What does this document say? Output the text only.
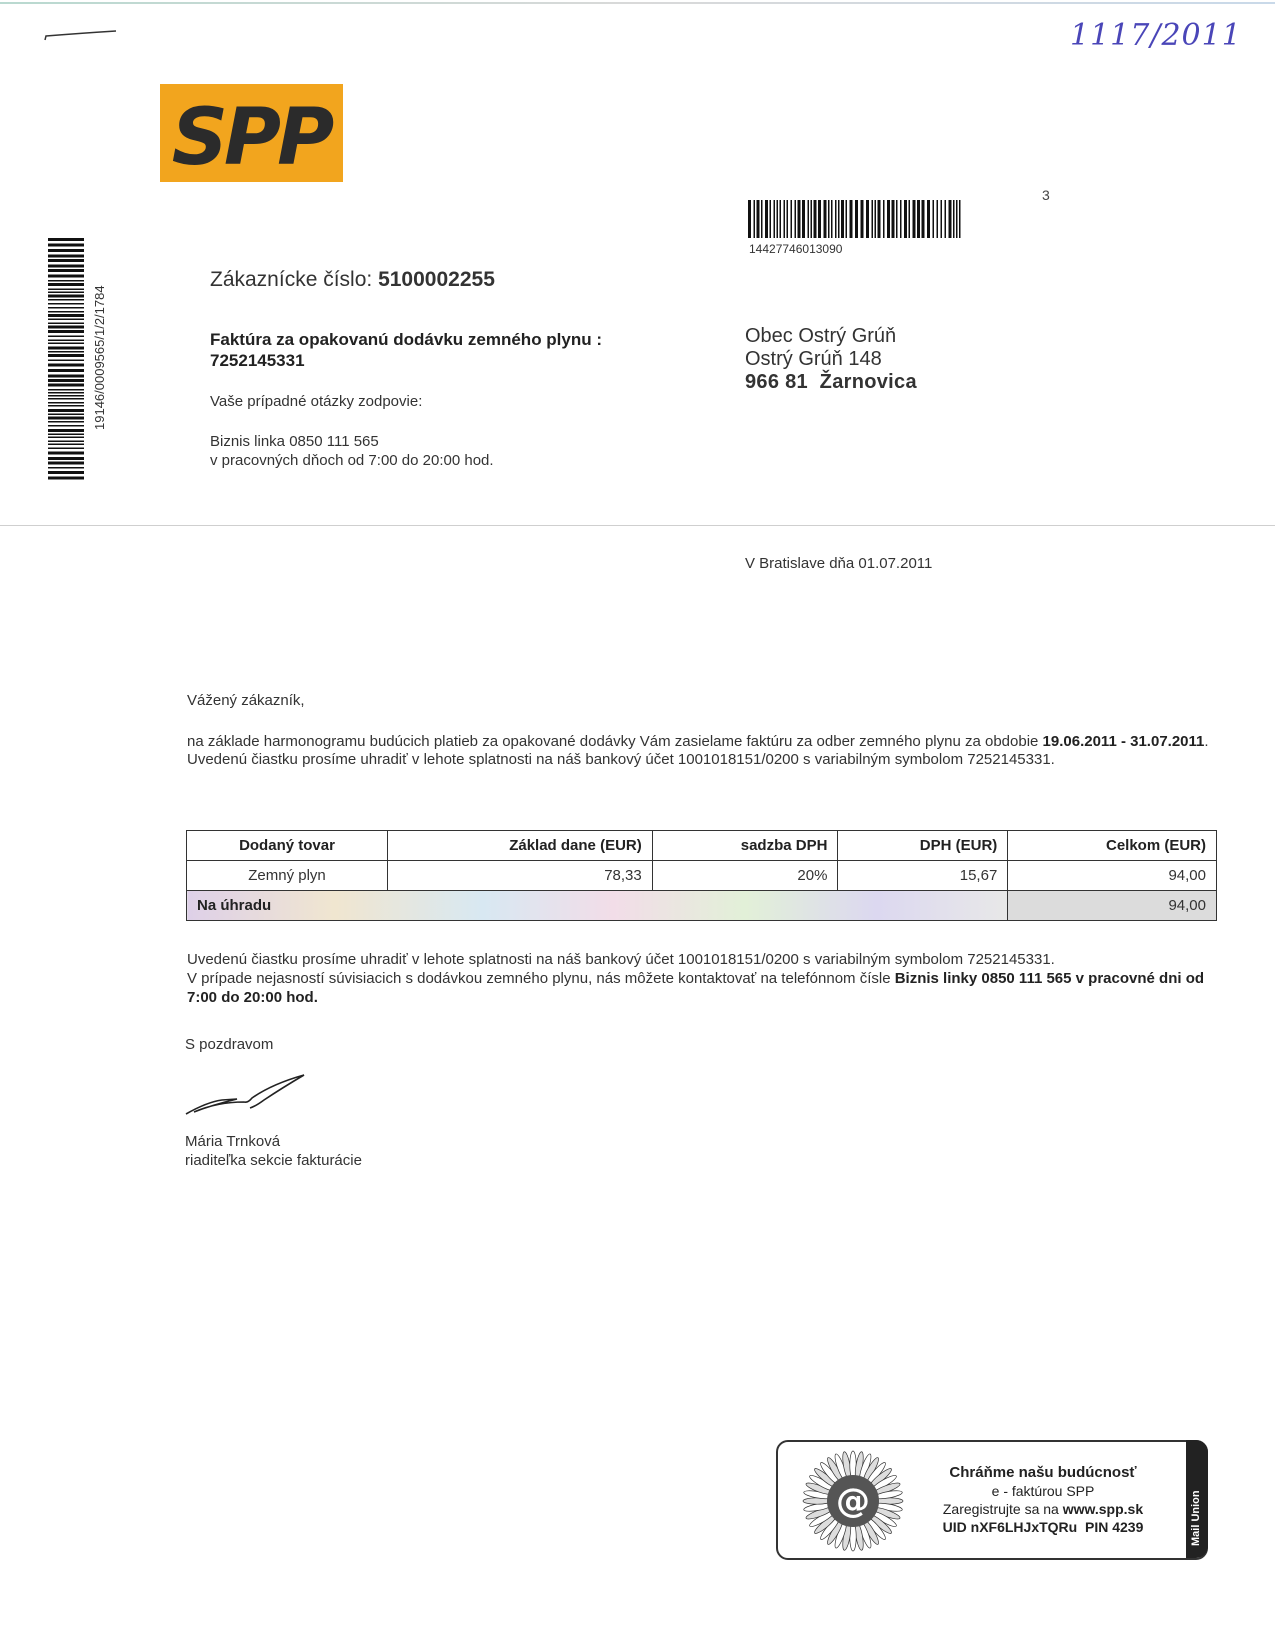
1117/2011
SPP
14427746013090
3
19146/0009565/1/2/1784
Zákaznícke číslo: 5100002255
Faktúra za opakovanú dodávku zemného plynu :
7252145331
Vaše prípadné otázky zodpovie:
Biznis linka 0850 111 565
v pracovných dňoch od 7:00 do 20:00 hod.
Obec Ostrý Grúň
Ostrý Grúň 148
966 81  Žarnovica
V Bratislave dňa 01.07.2011
Vážený zákazník,
na základe harmonogramu budúcich platieb za opakované dodávky Vám zasielame faktúru za odber zemného plynu za obdobie 19.06.2011 - 31.07.2011.
Uvedenú čiastku prosíme uhradiť v lehote splatnosti na náš bankový účet 1001018151/0200 s variabilným symbolom 7252145331.
Dodaný tovar	Základ dane (EUR)	sadzba DPH	DPH (EUR)	Celkom (EUR)
Zemný plyn	78,33	20%	15,67	94,00
Na úhradu				94,00
Uvedenú čiastku prosíme uhradiť v lehote splatnosti na náš bankový účet 1001018151/0200 s variabilným symbolom 7252145331.
V prípade nejasností súvisiacich s dodávkou zemného plynu, nás môžete kontaktovať na telefónnom čísle Biznis linky 0850 111 565 v pracovné dni od 7:00 do 20:00 hod.
S pozdravom
Mária Trnková
riaditeľka sekcie fakturácie
@
Chráňme našu budúcnosť
e - faktúrou SPP
Zaregistrujte sa na www.spp.sk
UID nXF6LHJxTQRu  PIN 4239	Mail Union
